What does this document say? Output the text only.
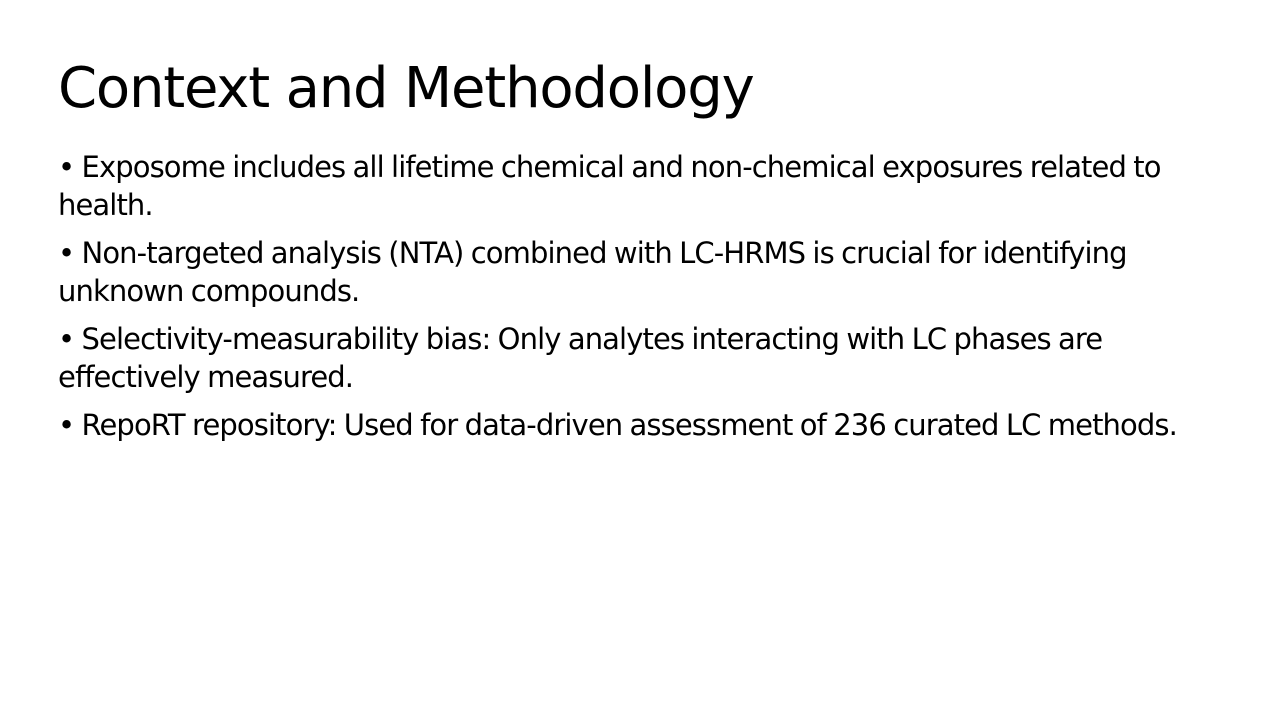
Context and Methodology
• Exposome includes all lifetime chemical and non-chemical exposures related to health.
• Non-targeted analysis (NTA) combined with LC-HRMS is crucial for identifying unknown compounds.
• Selectivity-measurability bias: Only analytes interacting with LC phases are effectively measured.
• RepoRT repository: Used for data-driven assessment of 236 curated LC methods.
